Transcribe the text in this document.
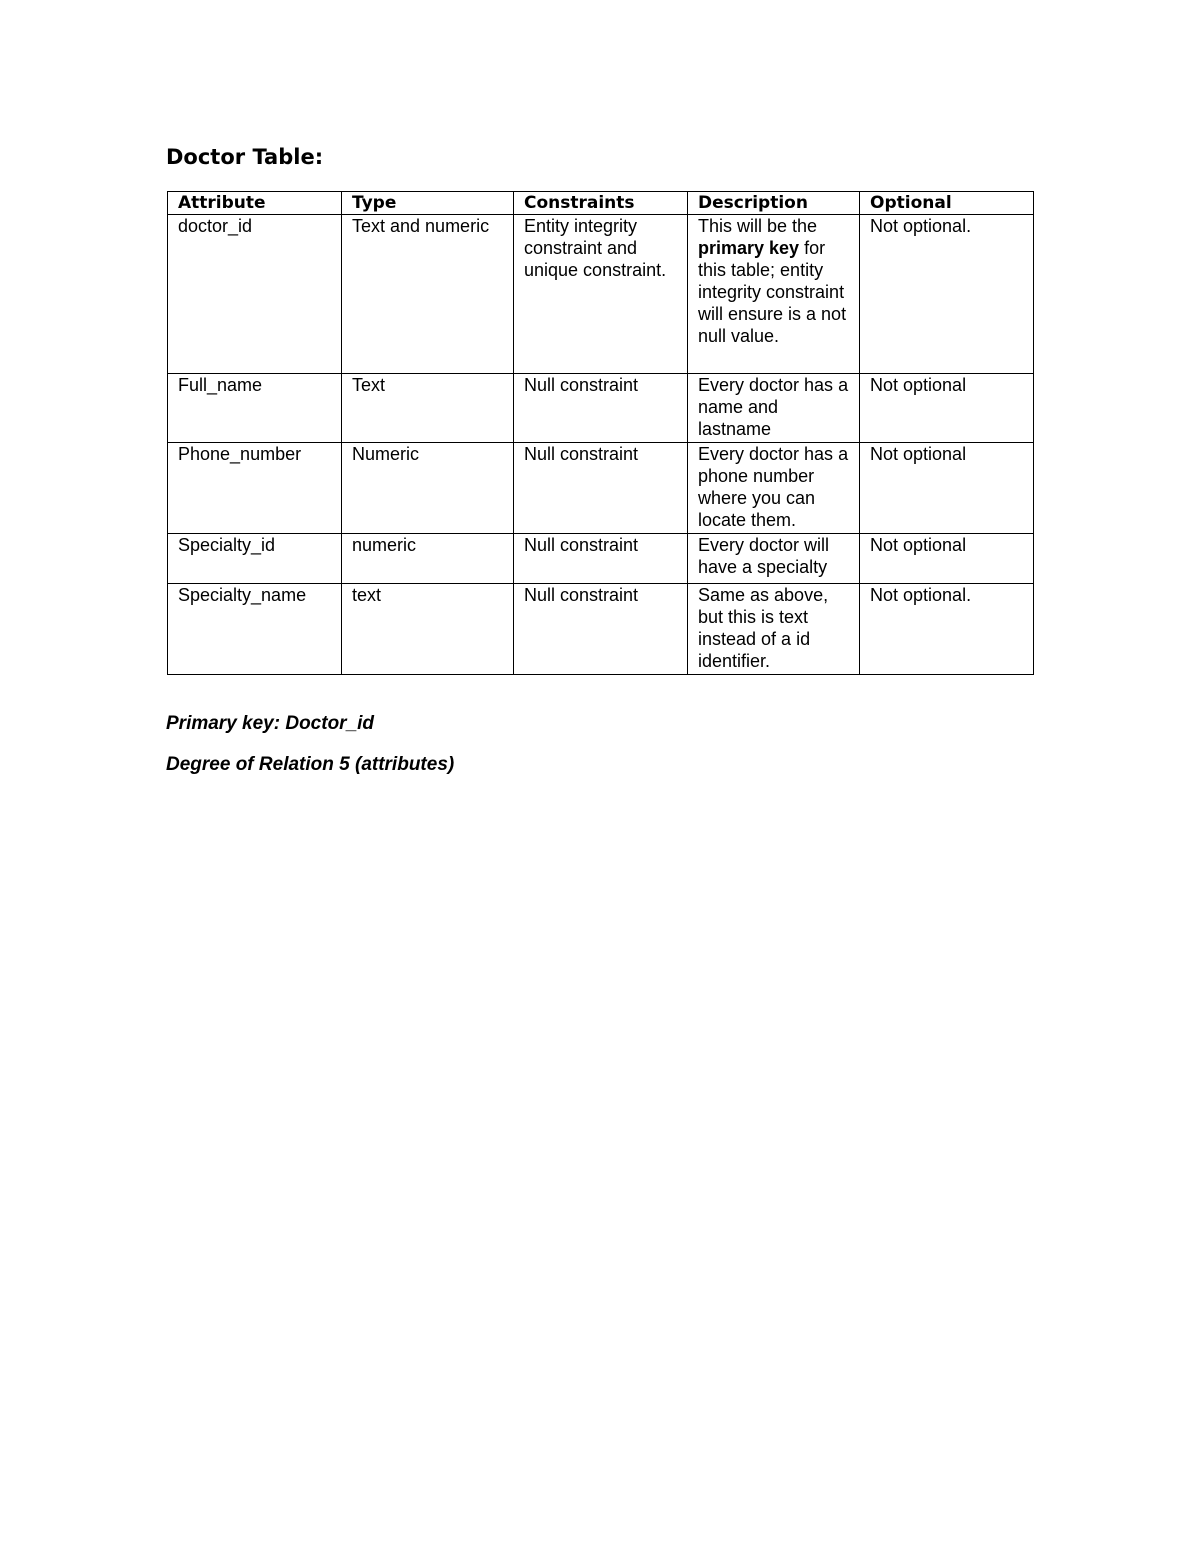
Doctor Table:
Attribute	Type	Constraints	Description	Optional
doctor_id	Text and numeric	Entity integrity constraint and unique constraint.	This will be the primary key for this table; entity integrity constraint will ensure is a not null value.	Not optional.
Full_name	Text	Null constraint	Every doctor has a name and lastname	Not optional
Phone_number	Numeric	Null constraint	Every doctor has a phone number where you can locate them.	Not optional
Specialty_id	numeric	Null constraint	Every doctor will have a specialty	Not optional
Specialty_name	text	Null constraint	Same as above, but this is text instead of a id identifier.	Not optional.

Primary key: Doctor_id

Degree of Relation 5 (attributes)
